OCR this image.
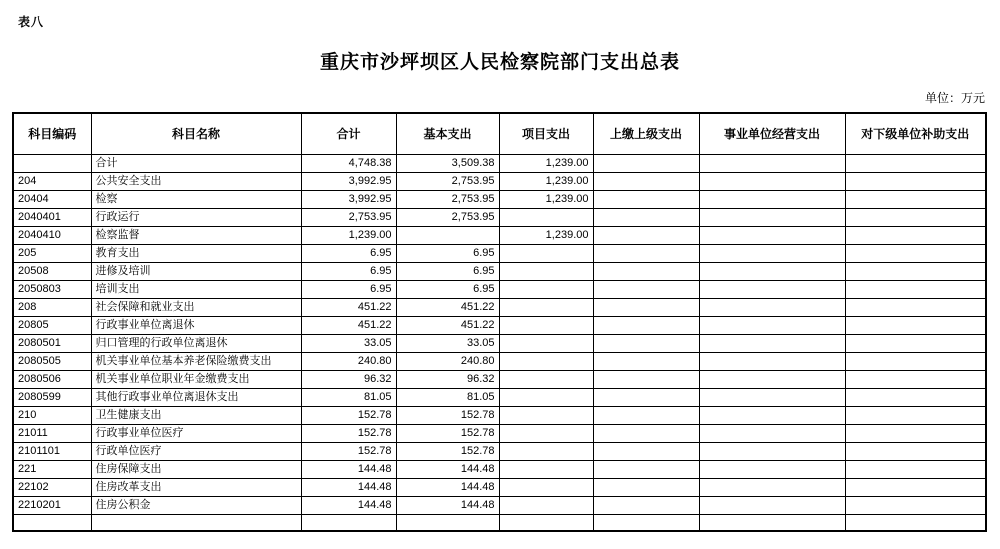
表八
重庆市沙坪坝区人民检察院部门支出总表
单位：万元
科目编码	科目名称	合计	基本支出	项目支出	上缴上级支出	事业单位经营支出	对下级单位补助支出
	合计	4,748.38	3,509.38	1,239.00			
204	公共安全支出	3,992.95	2,753.95	1,239.00			
20404	检察	3,992.95	2,753.95	1,239.00			
2040401	行政运行	2,753.95	2,753.95				
2040410	检察监督	1,239.00		1,239.00			
205	教育支出	6.95	6.95				
20508	进修及培训	6.95	6.95				
2050803	培训支出	6.95	6.95				
208	社会保障和就业支出	451.22	451.22				
20805	行政事业单位离退休	451.22	451.22				
2080501	归口管理的行政单位离退休	33.05	33.05				
2080505	机关事业单位基本养老保险缴费支出	240.80	240.80				
2080506	机关事业单位职业年金缴费支出	96.32	96.32				
2080599	其他行政事业单位离退休支出	81.05	81.05				
210	卫生健康支出	152.78	152.78				
21011	行政事业单位医疗	152.78	152.78				
2101101	行政单位医疗	152.78	152.78				
221	住房保障支出	144.48	144.48				
22102	住房改革支出	144.48	144.48				
2210201	住房公积金	144.48	144.48				
